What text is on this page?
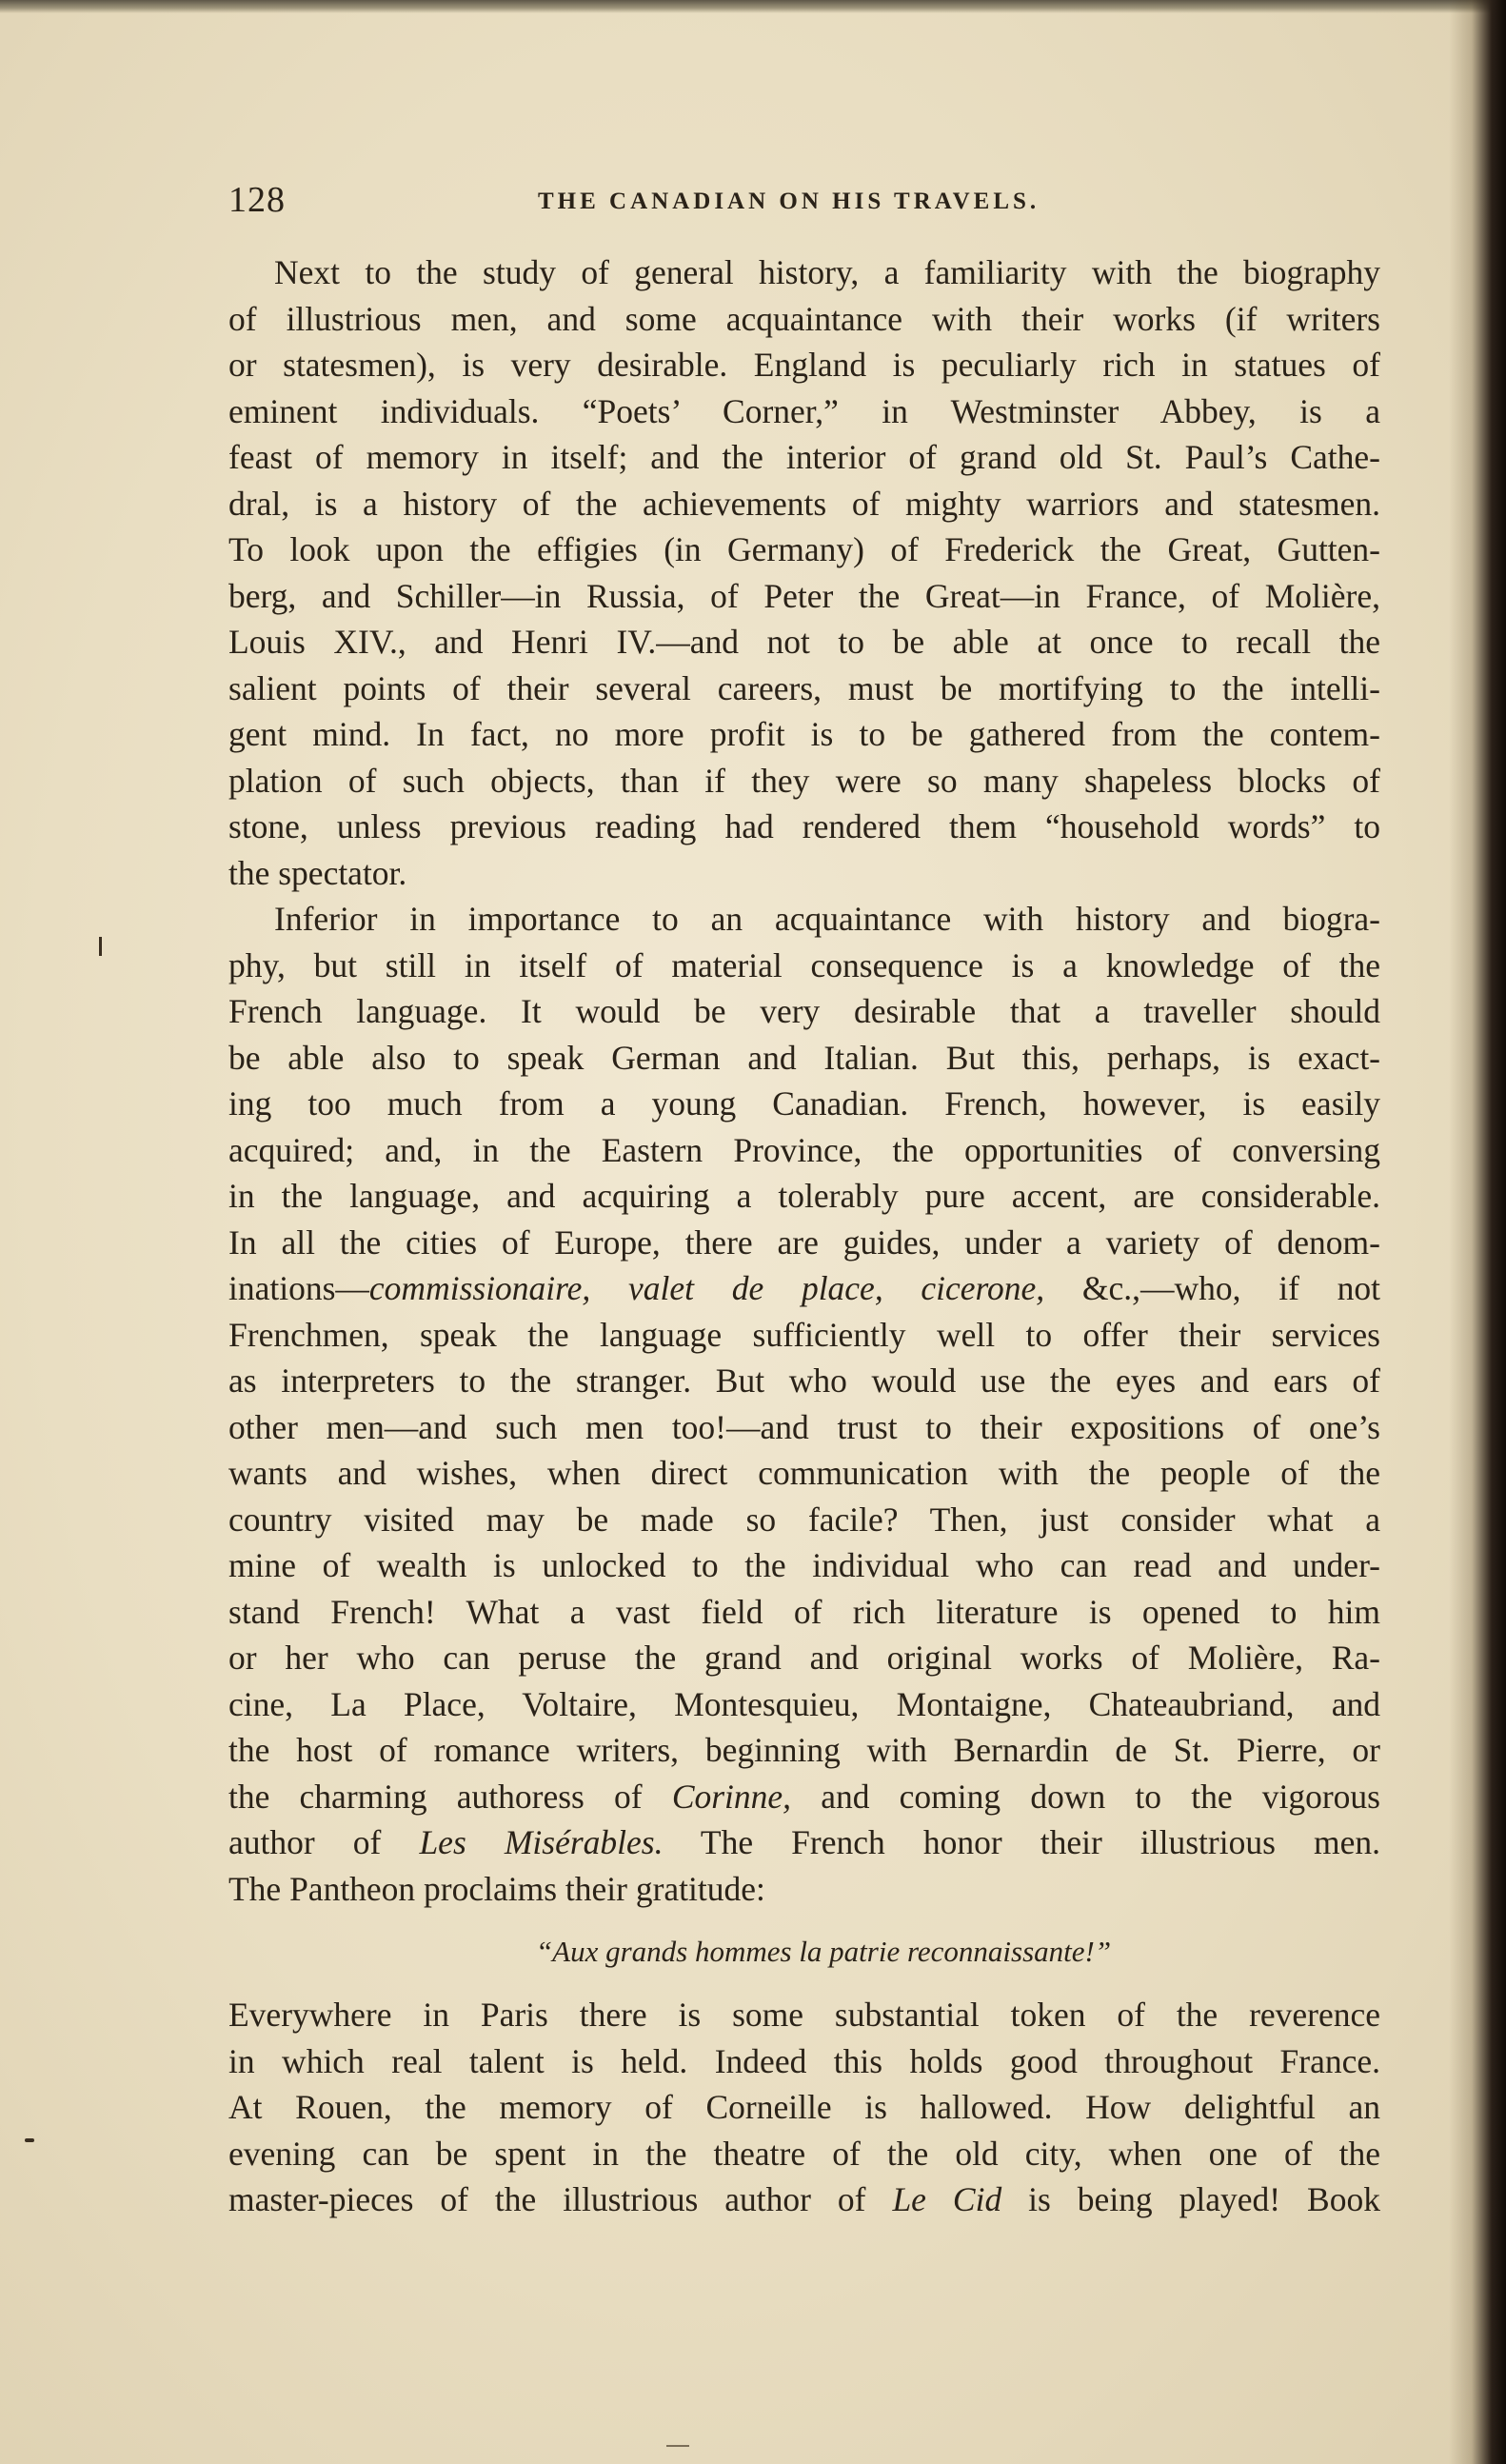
128	THE CANADIAN ON HIS TRAVELS.
Next to the study of general history, a familiarity with the biography
of illustrious men, and some acquaintance with their works (if writers
or statesmen), is very desirable. England is peculiarly rich in statues of
eminent individuals. “Poets’ Corner,” in Westminster Abbey, is a
feast of memory in itself; and the interior of grand old St. Paul’s Cathe-
dral, is a history of the achievements of mighty warriors and statesmen.
To look upon the effigies (in Germany) of Frederick the Great, Gutten-
berg, and Schiller—in Russia, of Peter the Great—in France, of Molière,
Louis XIV., and Henri IV.—and not to be able at once to recall the
salient points of their several careers, must be mortifying to the intelli-
gent mind. In fact, no more profit is to be gathered from the contem-
plation of such objects, than if they were so many shapeless blocks of
stone, unless previous reading had rendered them “household words” to
the spectator.
Inferior in importance to an acquaintance with history and biogra-
phy, but still in itself of material consequence is a knowledge of the
French language. It would be very desirable that a traveller should
be able also to speak German and Italian. But this, perhaps, is exact-
ing too much from a young Canadian. French, however, is easily
acquired; and, in the Eastern Province, the opportunities of conversing
in the language, and acquiring a tolerably pure accent, are considerable.
In all the cities of Europe, there are guides, under a variety of denom-
inations—commissionaire, valet de place, cicerone, &c.,—who, if not
Frenchmen, speak the language sufficiently well to offer their services
as interpreters to the stranger. But who would use the eyes and ears of
other men—and such men too!—and trust to their expositions of one’s
wants and wishes, when direct communication with the people of the
country visited may be made so facile? Then, just consider what a
mine of wealth is unlocked to the individual who can read and under-
stand French! What a vast field of rich literature is opened to him
or her who can peruse the grand and original works of Molière, Ra-
cine, La Place, Voltaire, Montesquieu, Montaigne, Chateaubriand, and
the host of romance writers, beginning with Bernardin de St. Pierre, or
the charming authoress of Corinne, and coming down to the vigorous
author of Les Misérables. The French honor their illustrious men.
The Pantheon proclaims their gratitude:
“Aux grands hommes la patrie reconnaissante!”
Everywhere in Paris there is some substantial token of the reverence
in which real talent is held. Indeed this holds good throughout France.
At Rouen, the memory of Corneille is hallowed. How delightful an
evening can be spent in the theatre of the old city, when one of the
master-pieces of the illustrious author of Le Cid is being played! Book
